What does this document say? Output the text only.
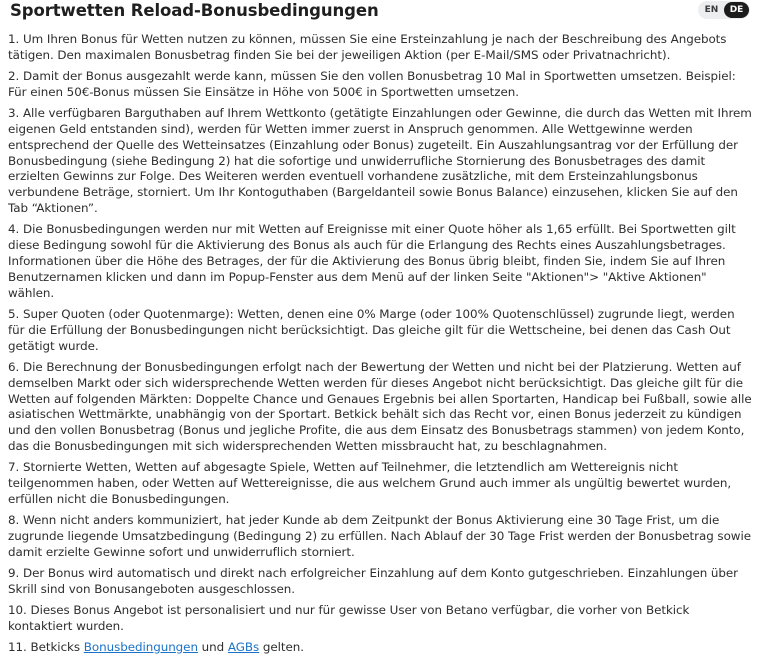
Sportwetten Reload-Bonusbedingungen	EN	DE

1. Um Ihren Bonus für Wetten nutzen zu können, müssen Sie eine Ersteinzahlung je nach der Beschreibung des Angebots tätigen. Den maximalen Bonusbetrag finden Sie bei der jeweiligen Aktion (per E-Mail/SMS oder Privatnachricht).

2. Damit der Bonus ausgezahlt werde kann, müssen Sie den vollen Bonusbetrag 10 Mal in Sportwetten umsetzen. Beispiel: Für einen 50€-Bonus müssen Sie Einsätze in Höhe von 500€ in Sportwetten umsetzen.

3. Alle verfügbaren Barguthaben auf Ihrem Wettkonto (getätigte Einzahlungen oder Gewinne, die durch das Wetten mit Ihrem eigenen Geld entstanden sind), werden für Wetten immer zuerst in Anspruch genommen. Alle Wettgewinne werden entsprechend der Quelle des Wetteinsatzes (Einzahlung oder Bonus) zugeteilt. Ein Auszahlungsantrag vor der Erfüllung der Bonusbedingung (siehe Bedingung 2) hat die sofortige und unwiderrufliche Stornierung des Bonusbetrages des damit erzielten Gewinns zur Folge. Des Weiteren werden eventuell vorhandene zusätzliche, mit dem Ersteinzahlungsbonus verbundene Beträge, storniert. Um Ihr Kontoguthaben (Bargeldanteil sowie Bonus Balance) einzusehen, klicken Sie auf den Tab “Aktionen”.

4. Die Bonusbedingungen werden nur mit Wetten auf Ereignisse mit einer Quote höher als 1,65 erfüllt. Bei Sportwetten gilt diese Bedingung sowohl für die Aktivierung des Bonus als auch für die Erlangung des Rechts eines Auszahlungsbetrages. Informationen über die Höhe des Betrages, der für die Aktivierung des Bonus übrig bleibt, finden Sie, indem Sie auf Ihren Benutzernamen klicken und dann im Popup-Fenster aus dem Menü auf der linken Seite "Aktionen"> "Aktive Aktionen" wählen.

5. Super Quoten (oder Quotenmarge): Wetten, denen eine 0% Marge (oder 100% Quotenschlüssel) zugrunde liegt, werden für die Erfüllung der Bonusbedingungen nicht berücksichtigt. Das gleiche gilt für die Wettscheine, bei denen das Cash Out getätigt wurde.

6. Die Berechnung der Bonusbedingungen erfolgt nach der Bewertung der Wetten und nicht bei der Platzierung. Wetten auf demselben Markt oder sich widersprechende Wetten werden für dieses Angebot nicht berücksichtigt. Das gleiche gilt für die Wetten auf folgenden Märkten: Doppelte Chance und Genaues Ergebnis bei allen Sportarten, Handicap bei Fußball, sowie alle asiatischen Wettmärkte, unabhängig von der Sportart. Betkick behält sich das Recht vor, einen Bonus jederzeit zu kündigen und den vollen Bonusbetrag (Bonus und jegliche Profite, die aus dem Einsatz des Bonusbetrags stammen) von jedem Konto, das die Bonusbedingungen mit sich widersprechenden Wetten missbraucht hat, zu beschlagnahmen.

7. Stornierte Wetten, Wetten auf abgesagte Spiele, Wetten auf Teilnehmer, die letztendlich am Wettereignis nicht teilgenommen haben, oder Wetten auf Wettereignisse, die aus welchem Grund auch immer als ungültig bewertet wurden, erfüllen nicht die Bonusbedingungen.

8. Wenn nicht anders kommuniziert, hat jeder Kunde ab dem Zeitpunkt der Bonus Aktivierung eine 30 Tage Frist, um die zugrunde liegende Umsatzbedingung (Bedingung 2) zu erfüllen. Nach Ablauf der 30 Tage Frist werden der Bonusbetrag sowie damit erzielte Gewinne sofort und unwiderruflich storniert.

9. Der Bonus wird automatisch und direkt nach erfolgreicher Einzahlung auf dem Konto gutgeschrieben. Einzahlungen über Skrill sind von Bonusangeboten ausgeschlossen.

10. Dieses Bonus Angebot ist personalisiert und nur für gewisse User von Betano verfügbar, die vorher von Betkick kontaktiert wurden.

11. Betkicks Bonusbedingungen und AGBs gelten.
